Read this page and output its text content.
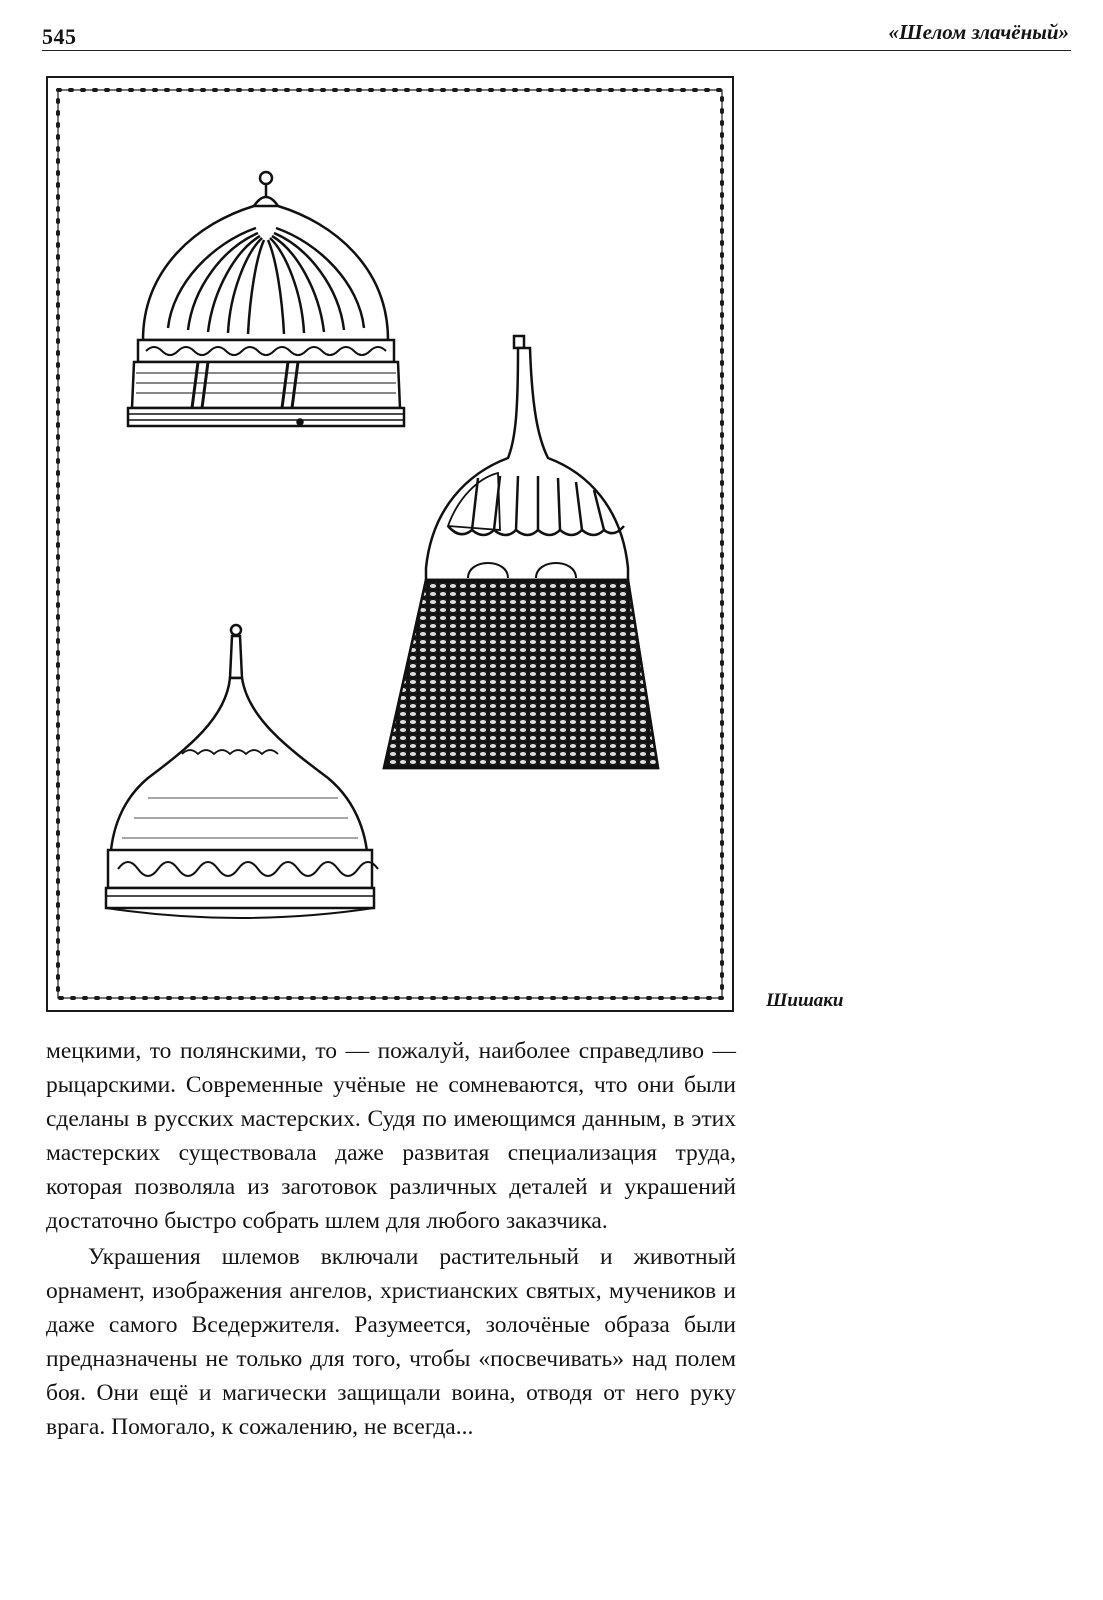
545	«Шелом злачёный»
Шишаки

мецкими, то полянскими, то — пожалуй, наиболее справедливо — рыцарскими. Современные учёные не сомневаются, что они были сделаны в русских мастерских. Судя по имеющимся данным, в этих мастерских существовала даже развитая специализация труда, которая позволяла из заготовок различных деталей и украшений достаточно быстро собрать шлем для любого заказчика.

Украшения шлемов включали растительный и животный орнамент, изображения ангелов, христианских святых, мучеников и даже самого Вседержителя. Разумеется, золочёные образа были предназначены не только для того, чтобы «посвечивать» над полем боя. Они ещё и магически защищали воина, отводя от него руку врага. Помогало, к сожалению, не всегда...
